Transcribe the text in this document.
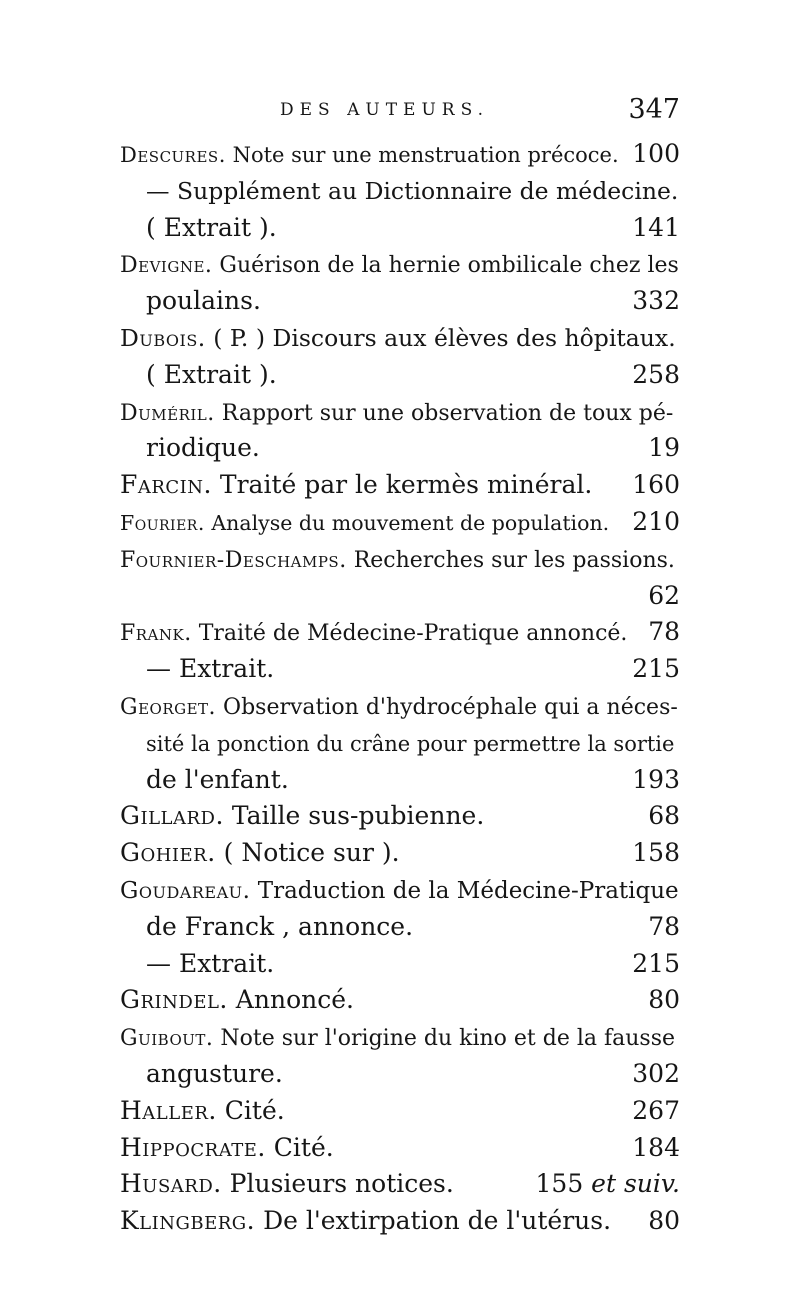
DES AUTEURS.	347
Descures. Note sur une menstruation précoce. 100
— Supplément au Dictionnaire de médecine.
( Extrait ).	141
Devigne. Guérison de la hernie ombilicale chez les
poulains.	332
Dubois. ( P. ) Discours aux élèves des hôpitaux.
( Extrait ).	258
Duméril. Rapport sur une observation de toux pé-
riodique.	19
Farcin. Traité par le kermès minéral. 160
Fourier. Analyse du mouvement de population. 210
Fournier-Deschamps. Recherches sur les passions.
62
Frank. Traité de Médecine-Pratique annoncé. 78
— Extrait.	215
Georget. Observation d'hydrocéphale qui a néces-
sité la ponction du crâne pour permettre la sortie
de l'enfant.	193
Gillard. Taille sus-pubienne.	68
Gohier. ( Notice sur ).	158
Goudareau. Traduction de la Médecine-Pratique
de Franck , annonce.	78
— Extrait.	215
Grindel. Annoncé.	80
Guibout. Note sur l'origine du kino et de la fausse
angusture.	302
Haller. Cité.	267
Hippocrate. Cité.	184
Husard. Plusieurs notices.	155 et suiv.
Klingberg. De l'extirpation de l'utérus. 80
